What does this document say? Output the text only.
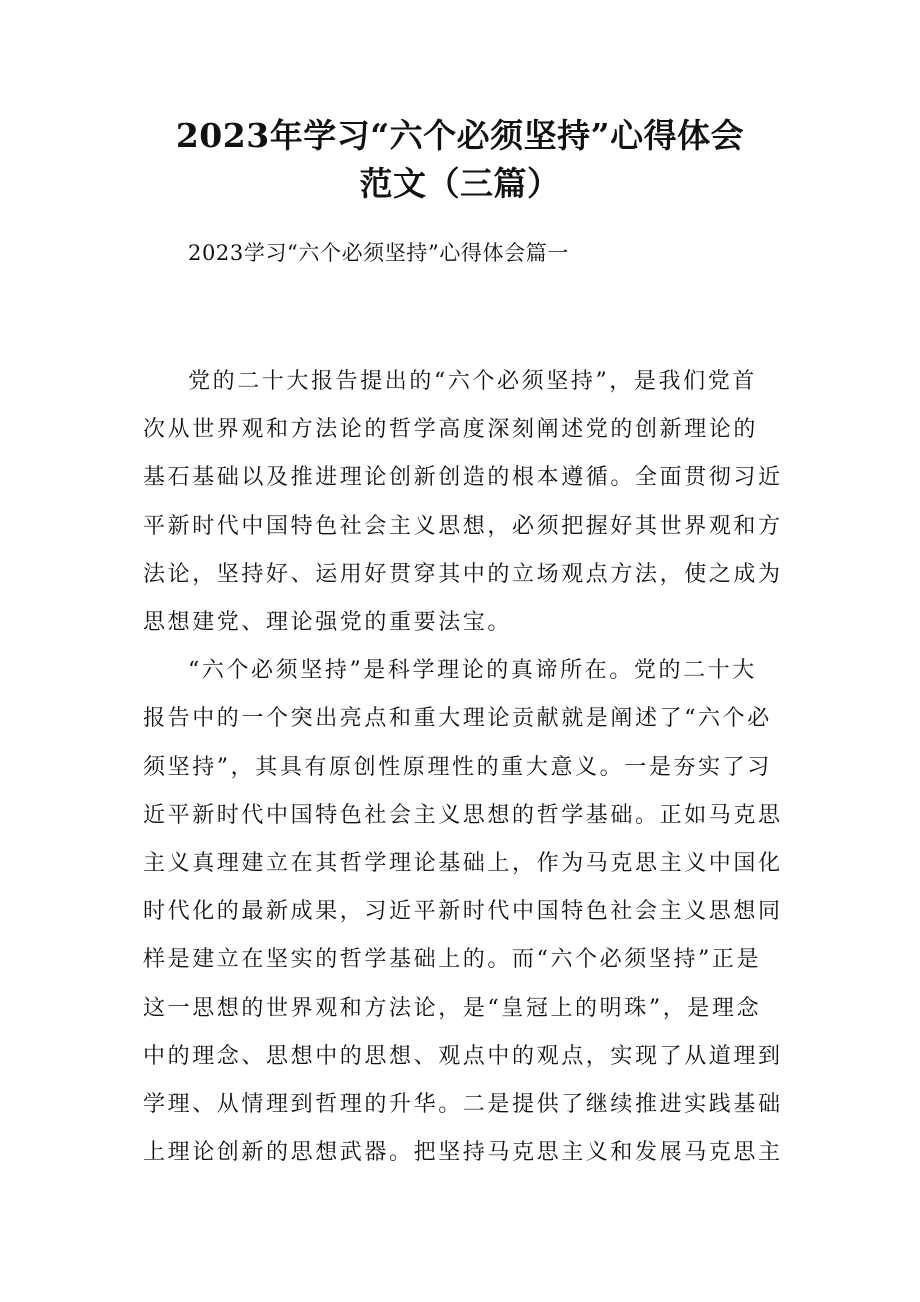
2023年学习“六个必须坚持”心得体会
范文（三篇）
2023学习“六个必须坚持”心得体会篇一
党的二十大报告提出的“六个必须坚持”，是我们党首
次从世界观和方法论的哲学高度深刻阐述党的创新理论的
基石基础以及推进理论创新创造的根本遵循。全面贯彻习近
平新时代中国特色社会主义思想，必须把握好其世界观和方
法论，坚持好、运用好贯穿其中的立场观点方法，使之成为
思想建党、理论强党的重要法宝。
“六个必须坚持”是科学理论的真谛所在。党的二十大
报告中的一个突出亮点和重大理论贡献就是阐述了“六个必
须坚持”，其具有原创性原理性的重大意义。一是夯实了习
近平新时代中国特色社会主义思想的哲学基础。正如马克思
主义真理建立在其哲学理论基础上，作为马克思主义中国化
时代化的最新成果，习近平新时代中国特色社会主义思想同
样是建立在坚实的哲学基础上的。而“六个必须坚持”正是
这一思想的世界观和方法论，是“皇冠上的明珠”，是理念
中的理念、思想中的思想、观点中的观点，实现了从道理到
学理、从情理到哲理的升华。二是提供了继续推进实践基础
上理论创新的思想武器。把坚持马克思主义和发展马克思主
